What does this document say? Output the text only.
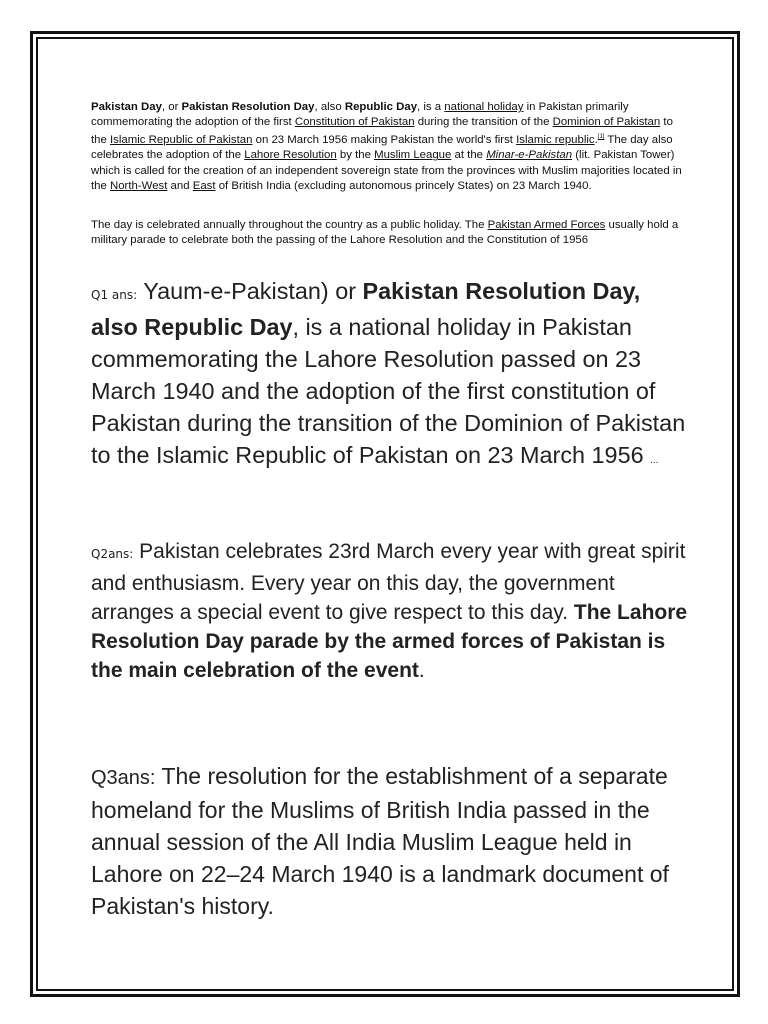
Pakistan Day, or Pakistan Resolution Day, also Republic Day, is a national holiday in Pakistan primarily commemorating the adoption of the first Constitution of Pakistan during the transition of the Dominion of Pakistan to the Islamic Republic of Pakistan on 23 March 1956 making Pakistan the world's first Islamic republic.[1] The day also celebrates the adoption of the Lahore Resolution by the Muslim League at the Minar-e-Pakistan (lit. Pakistan Tower) which is called for the creation of an independent sovereign state from the provinces with Muslim majorities located in the North-West and East of British India (excluding autonomous princely States) on 23 March 1940.

The day is celebrated annually throughout the country as a public holiday. The Pakistan Armed Forces usually hold a military parade to celebrate both the passing of the Lahore Resolution and the Constitution of 1956

Q1 ans: Yaum-e-Pakistan) or Pakistan Resolution Day, also Republic Day, is a national holiday in Pakistan commemorating the Lahore Resolution passed on 23 March 1940 and the adoption of the first constitution of Pakistan during the transition of the Dominion of Pakistan to the Islamic Republic of Pakistan on 23 March 1956 ...

Q2ans: Pakistan celebrates 23rd March every year with great spirit and enthusiasm. Every year on this day, the government arranges a special event to give respect to this day. The Lahore Resolution Day parade by the armed forces of Pakistan is the main celebration of the event.

Q3ans: The resolution for the establishment of a separate homeland for the Muslims of British India passed in the annual session of the All India Muslim League held in Lahore on 22–24 March 1940 is a landmark document of Pakistan's history.
